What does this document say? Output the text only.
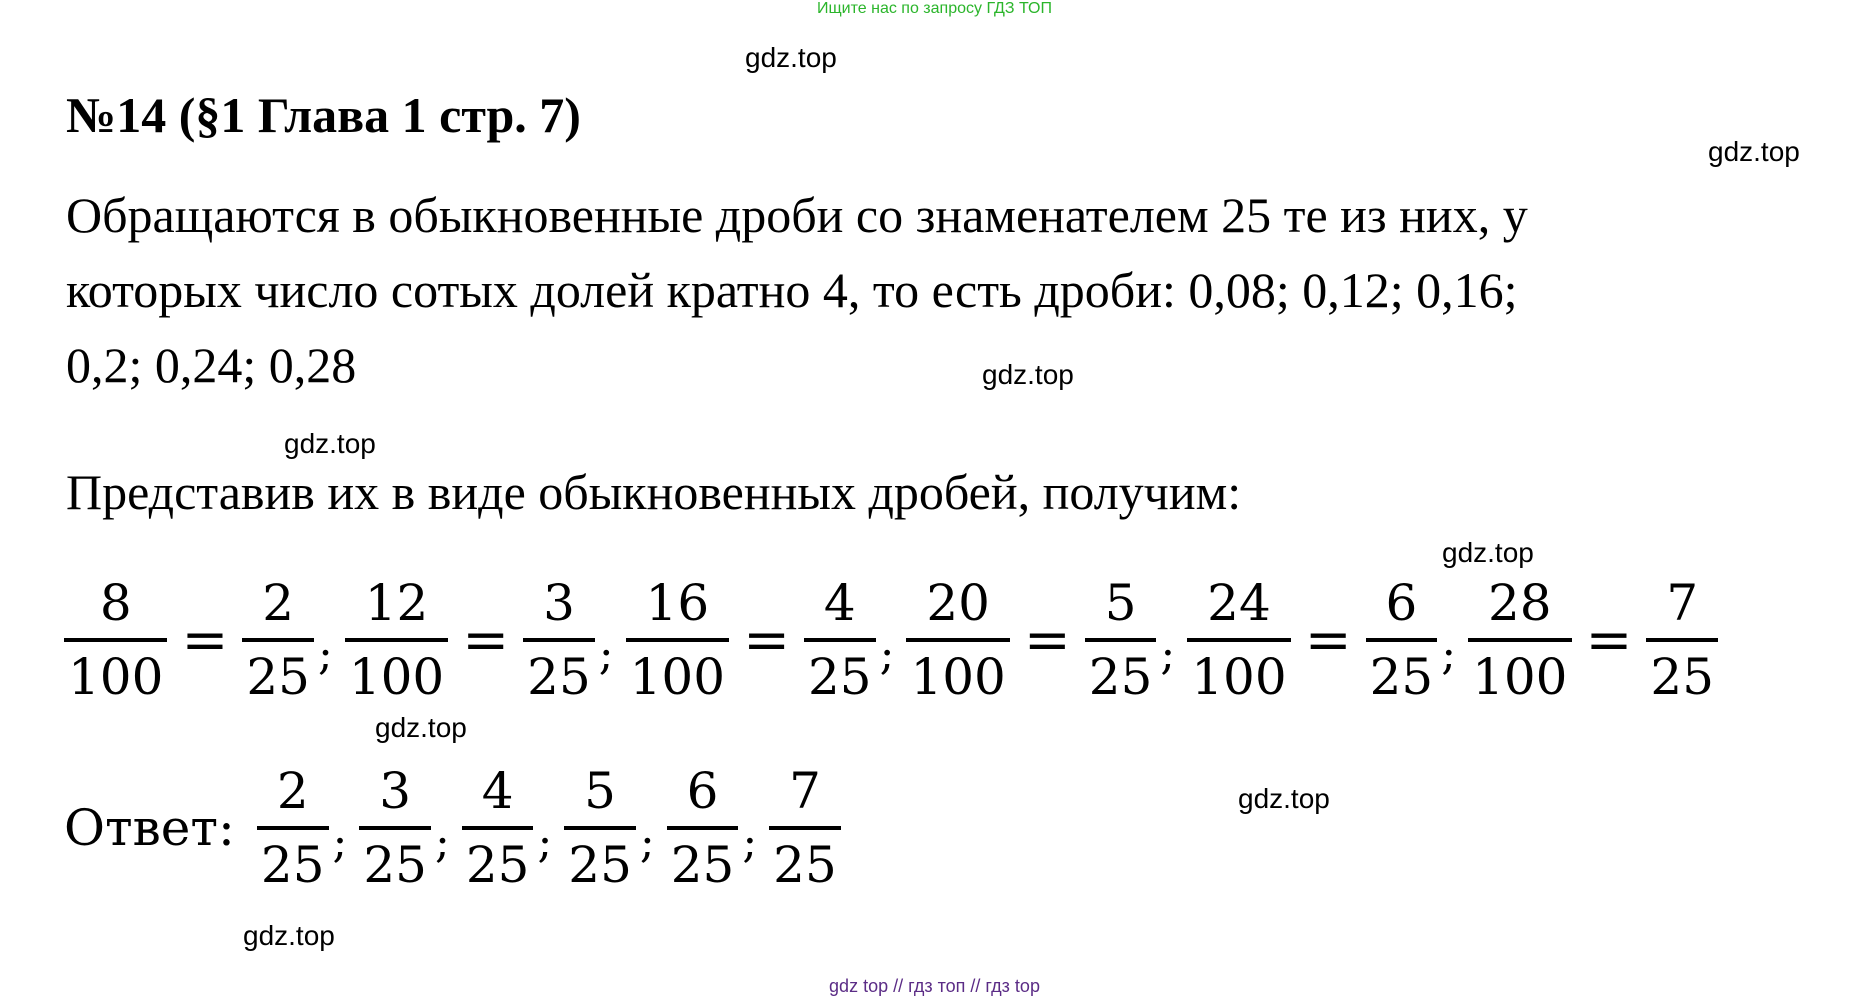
Ищите нас по запросу ГДЗ ТОП
gdz.top
gdz.top
gdz.top
gdz.top
gdz.top
gdz.top
gdz.top
gdz.top
№14 (§1 Глава 1 стр. 7)
Обращаются в обыкновенные дроби со знаменателем 25 те из них, у
которых число сотых долей кратно 4, то есть дроби: 0,08; 0,12; 0,16;
0,2; 0,24; 0,28
Представив их в виде обыкновенных дробей, получим:
$\frac{8}{100} = \frac{2}{25}$ ; $\frac{12}{100} = \frac{3}{25}$ ; $\frac{16}{100} = \frac{4}{25}$ ; $\frac{20}{100} = \frac{5}{25}$ ; $\frac{24}{100} = \frac{6}{25}$ ; $\frac{28}{100} = \frac{7}{25}$
Ответ: $\frac{2}{25}$ ; $\frac{3}{25}$ ; $\frac{4}{25}$ ; $\frac{5}{25}$ ; $\frac{6}{25}$ ; $\frac{7}{25}$
gdz top // гдз топ // гдз top
